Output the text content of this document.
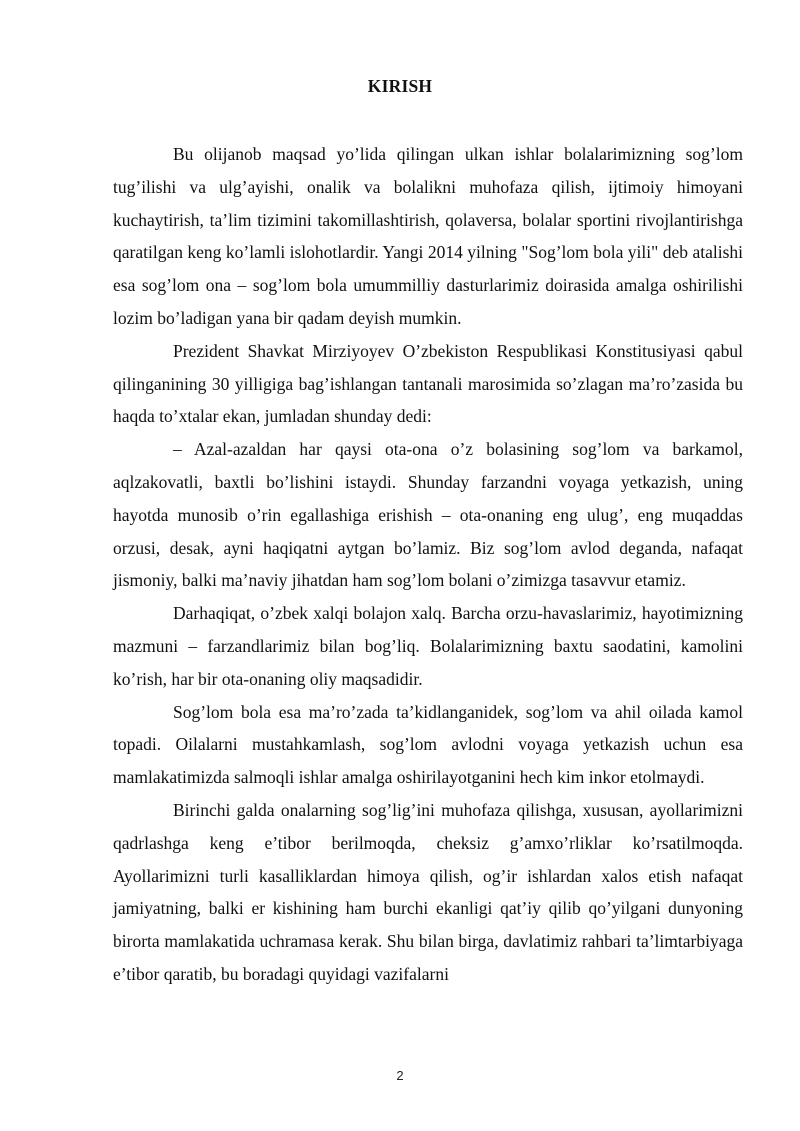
KIRISH

Bu olijanob maqsad yo’lida qilingan ulkan ishlar bolalarimizning sog’lom tug’ilishi va ulg’ayishi, onalik va bolalikni muhofaza qilish, ijtimoiy himoyani kuchaytirish, ta’lim tizimini takomillashtirish, qolaversa, bolalar sportini rivojlantirishga qaratilgan keng ko’lamli islohotlardir. Yangi 2014 yilning "Sog’lom bola yili" deb atalishi esa sog’lom ona – sog’lom bola umummilliy dasturlarimiz doirasida amalga oshirilishi lozim bo’ladigan yana bir qadam deyish mumkin.

Prezident Shavkat Mirziyoyev O’zbekiston Respublikasi Konstitusiyasi qabul qilinganining 30 yilligiga bag’ishlangan tantanali marosimida so’zlagan ma’ro’zasida bu haqda to’xtalar ekan, jumladan shunday dedi:

– Azal-azaldan har qaysi ota-ona o’z bolasining sog’lom va barkamol, aqlzakovatli, baxtli bo’lishini istaydi. Shunday farzandni voyaga yetkazish, uning hayotda munosib o’rin egallashiga erishish – ota-onaning eng ulug’, eng muqaddas orzusi, desak, ayni haqiqatni aytgan bo’lamiz. Biz sog’lom avlod deganda, nafaqat jismoniy, balki ma’naviy jihatdan ham sog’lom bolani o’zimizga tasavvur etamiz.

Darhaqiqat, o’zbek xalqi bolajon xalq. Barcha orzu-havaslarimiz, hayotimizning mazmuni – farzandlarimiz bilan bog’liq. Bolalarimizning baxtu saodatini, kamolini ko’rish, har bir ota-onaning oliy maqsadidir.

Sog’lom bola esa ma’ro’zada ta’kidlanganidek, sog’lom va ahil oilada kamol topadi. Oilalarni mustahkamlash, sog’lom avlodni voyaga yetkazish uchun esa mamlakatimizda salmoqli ishlar amalga oshirilayotganini hech kim inkor etolmaydi.

Birinchi galda onalarning sog’lig’ini muhofaza qilishga, xususan, ayollarimizni qadrlashga keng e’tibor berilmoqda, cheksiz g’amxo’rliklar ko’rsatilmoqda. Ayollarimizni turli kasalliklardan himoya qilish, og’ir ishlardan xalos etish nafaqat jamiyatning, balki er kishining ham burchi ekanligi qat’iy qilib qo’yilgani dunyoning birorta mamlakatida uchramasa kerak. Shu bilan birga, davlatimiz rahbari ta’limtarbiyaga e’tibor qaratib, bu boradagi quyidagi vazifalarni

2
